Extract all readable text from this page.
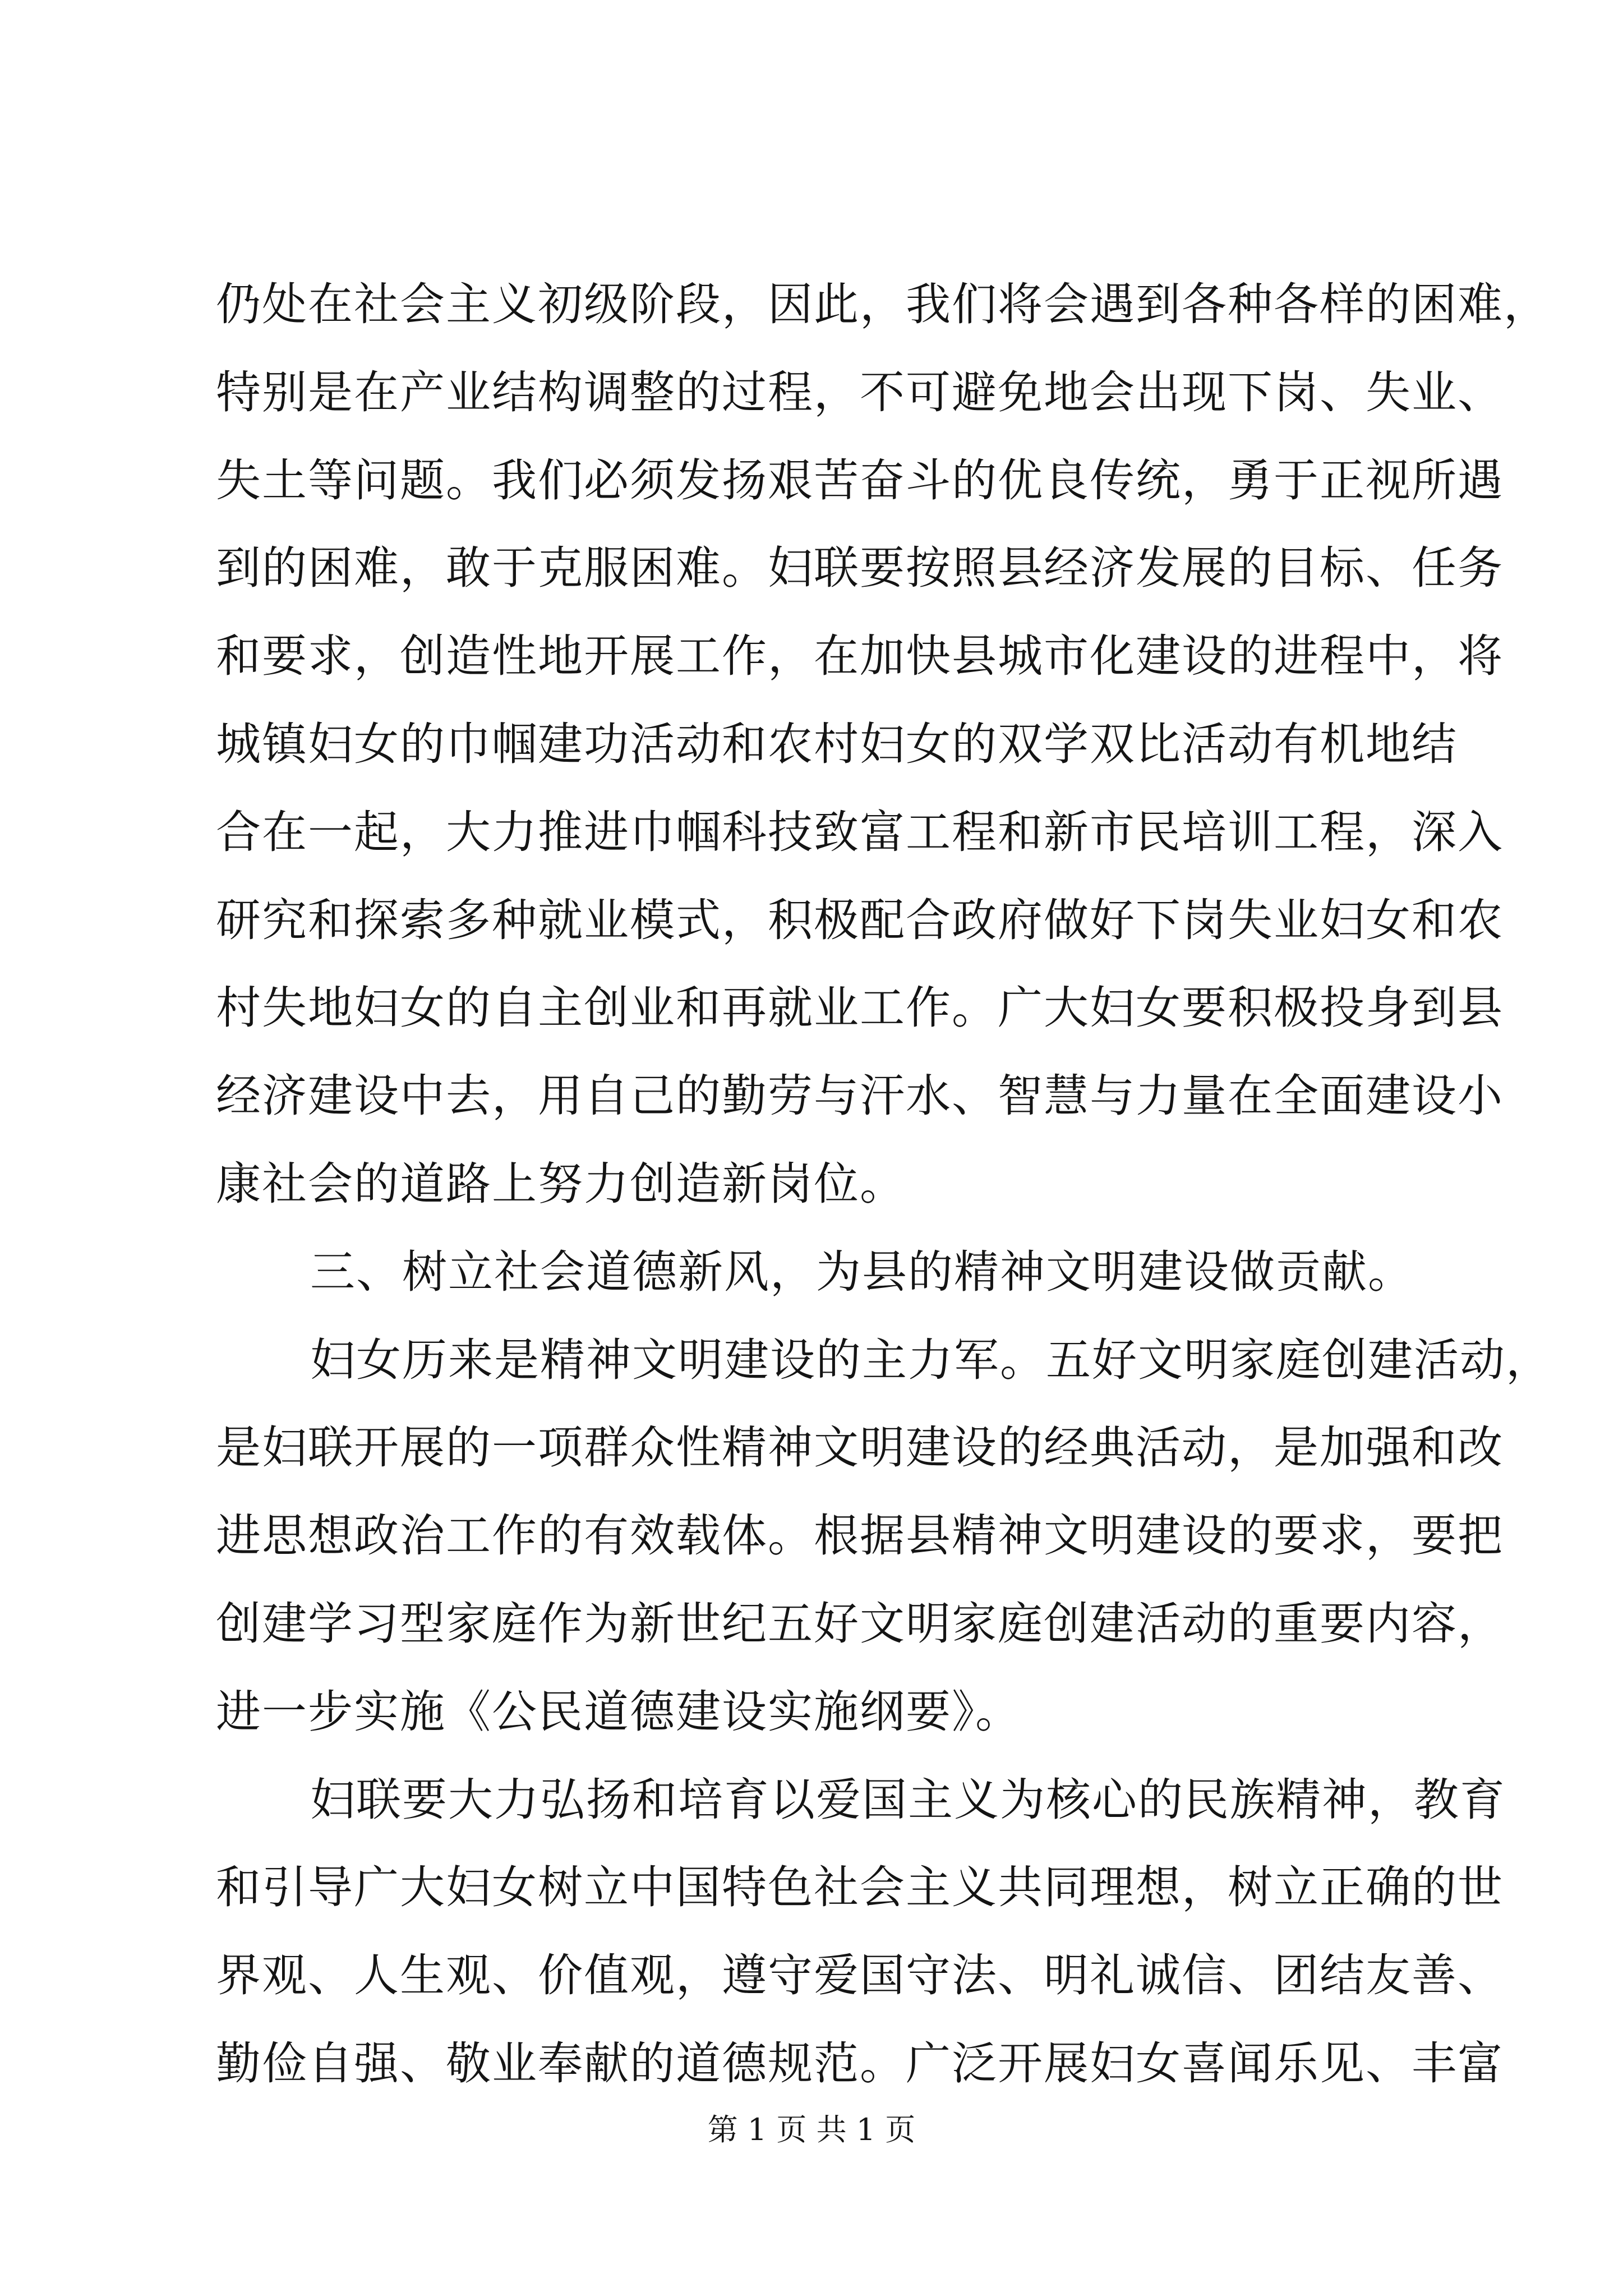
仍处在社会主义初级阶段，因此，我们将会遇到各种各样的困难，
特别是在产业结构调整的过程，不可避免地会出现下岗、失业、
失土等问题。我们必须发扬艰苦奋斗的优良传统，勇于正视所遇
到的困难，敢于克服困难。妇联要按照县经济发展的目标、任务
和要求，创造性地开展工作，在加快县城市化建设的进程中，将
城镇妇女的巾帼建功活动和农村妇女的双学双比活动有机地结
合在一起，大力推进巾帼科技致富工程和新市民培训工程，深入
研究和探索多种就业模式，积极配合政府做好下岗失业妇女和农
村失地妇女的自主创业和再就业工作。广大妇女要积极投身到县
经济建设中去，用自己的勤劳与汗水、智慧与力量在全面建设小
康社会的道路上努力创造新岗位。
三、树立社会道德新风，为县的精神文明建设做贡献。
妇女历来是精神文明建设的主力军。五好文明家庭创建活动，
是妇联开展的一项群众性精神文明建设的经典活动，是加强和改
进思想政治工作的有效载体。根据县精神文明建设的要求，要把
创建学习型家庭作为新世纪五好文明家庭创建活动的重要内容，
进一步实施《公民道德建设实施纲要》。
妇联要大力弘扬和培育以爱国主义为核心的民族精神，教育
和引导广大妇女树立中国特色社会主义共同理想，树立正确的世
界观、人生观、价值观，遵守爱国守法、明礼诚信、团结友善、
勤俭自强、敬业奉献的道德规范。广泛开展妇女喜闻乐见、丰富
第 1 页 共 1 页
